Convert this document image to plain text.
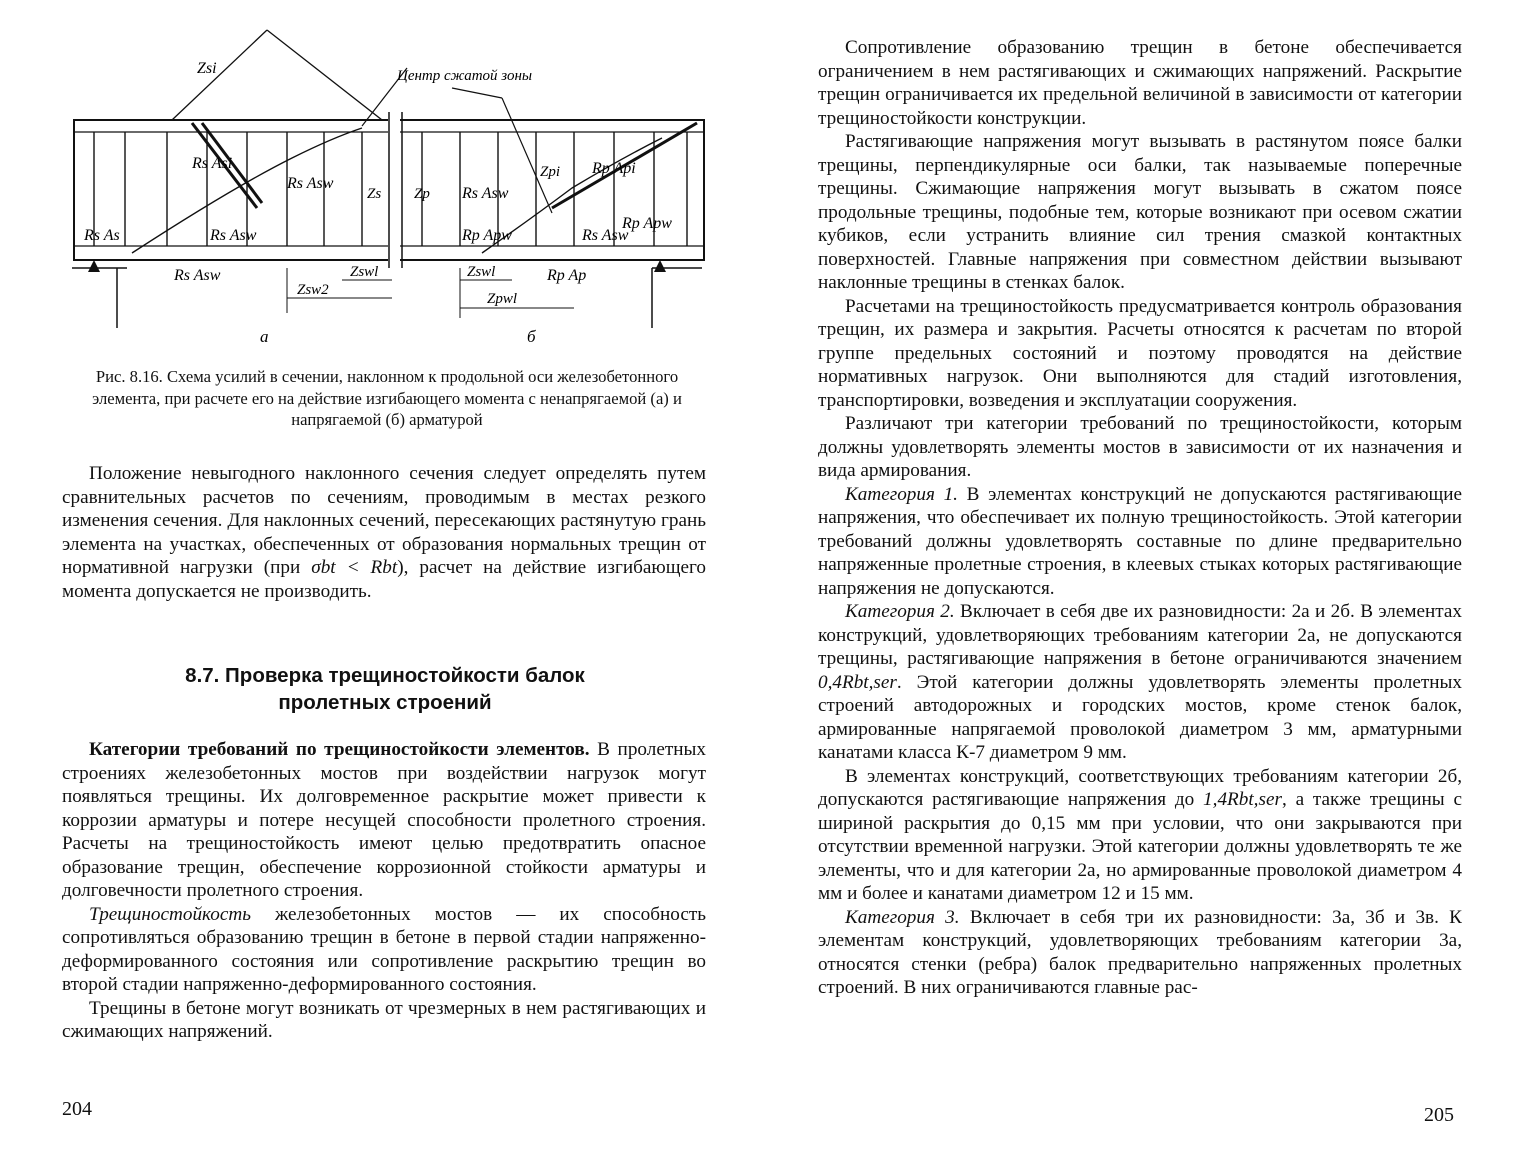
Центр сжатой зоны
Zsi
Rs Asi
Rs Asw
Rs As	Rs Asw
Rs Asw
Zs Zp
Zswl
Zsw2
Rs Asw
Zpi Rp Api
Rp Apw	Rs Asw
Rp Apw
Rp Ap
Zswl
Zpwl
а	б
Рис. 8.16. Схема усилий в сечении, наклонном к продольной оси железобетонного элемента, при расчете его на действие изгибающего момента с ненапрягаемой (а) и напрягаемой (б) арматурой

Положение невыгодного наклонного сечения следует определять путем сравнительных расчетов по сечениям, проводимым в местах резкого изменения сечения. Для наклонных сечений, пересекающих растянутую грань элемента на участках, обеспеченных от образования нормальных трещин от нормативной нагрузки (при σbt < Rbt), расчет на действие изгибающего момента допускается не производить.

8.7. Проверка трещиностойкости балок
пролетных строений

Категории требований по трещиностойкости элементов. В пролетных строениях железобетонных мостов при воздействии нагрузок могут появляться трещины. Их долговременное раскрытие может привести к коррозии арматуры и потере несущей способности пролетного строения. Расчеты на трещиностойкость имеют целью предотвратить опасное образование трещин, обеспечение коррозионной стойкости арматуры и долговечности пролетного строения.

Трещиностойкость железобетонных мостов — их способность сопротивляться образованию трещин в бетоне в первой стадии напряженно-деформированного состояния или сопротивление раскрытию трещин во второй стадии напряженно-деформированного состояния.

Трещины в бетоне могут возникать от чрезмерных в нем растягивающих и сжимающих напряжений.

204

Сопротивление образованию трещин в бетоне обеспечивается ограничением в нем растягивающих и сжимающих напряжений. Раскрытие трещин ограничивается их предельной величиной в зависимости от категории трещиностойкости конструкции.

Растягивающие напряжения могут вызывать в растянутом поясе балки трещины, перпендикулярные оси балки, так называемые поперечные трещины. Сжимающие напряжения могут вызывать в сжатом поясе продольные трещины, подобные тем, которые возникают при осевом сжатии кубиков, если устранить влияние сил трения смазкой контактных поверхностей. Главные напряжения при совместном действии вызывают наклонные трещины в стенках балок.

Расчетами на трещиностойкость предусматривается контроль образования трещин, их размера и закрытия. Расчеты относятся к расчетам по второй группе предельных состояний и поэтому проводятся на действие нормативных нагрузок. Они выполняются для стадий изготовления, транспортировки, возведения и эксплуатации сооружения.

Различают три категории требований по трещиностойкости, которым должны удовлетворять элементы мостов в зависимости от их назначения и вида армирования.

Категория 1. В элементах конструкций не допускаются растягивающие напряжения, что обеспечивает их полную трещиностойкость. Этой категории требований должны удовлетворять составные по длине предварительно напряженные пролетные строения, в клеевых стыках которых растягивающие напряжения не допускаются.

Категория 2. Включает в себя две их разновидности: 2а и 2б. В элементах конструкций, удовлетворяющих требованиям категории 2а, не допускаются трещины, растягивающие напряжения в бетоне ограничиваются значением 0,4Rbt,ser. Этой категории должны удовлетворять элементы пролетных строений автодорожных и городских мостов, кроме стенок балок, армированные напрягаемой проволокой диаметром 3 мм, арматурными канатами класса К-7 диаметром 9 мм.

В элементах конструкций, соответствующих требованиям категории 2б, допускаются растягивающие напряжения до 1,4Rbt,ser, а также трещины с шириной раскрытия до 0,15 мм при условии, что они закрываются при отсутствии временной нагрузки. Этой категории должны удовлетворять те же элементы, что и для категории 2а, но армированные проволокой диаметром 4 мм и более и канатами диаметром 12 и 15 мм.

Категория 3. Включает в себя три их разновидности: 3а, 3б и 3в. К элементам конструкций, удовлетворяющих требованиям категории 3а, относятся стенки (ребра) балок предварительно напряженных пролетных строений. В них ограничиваются главные рас-

205
